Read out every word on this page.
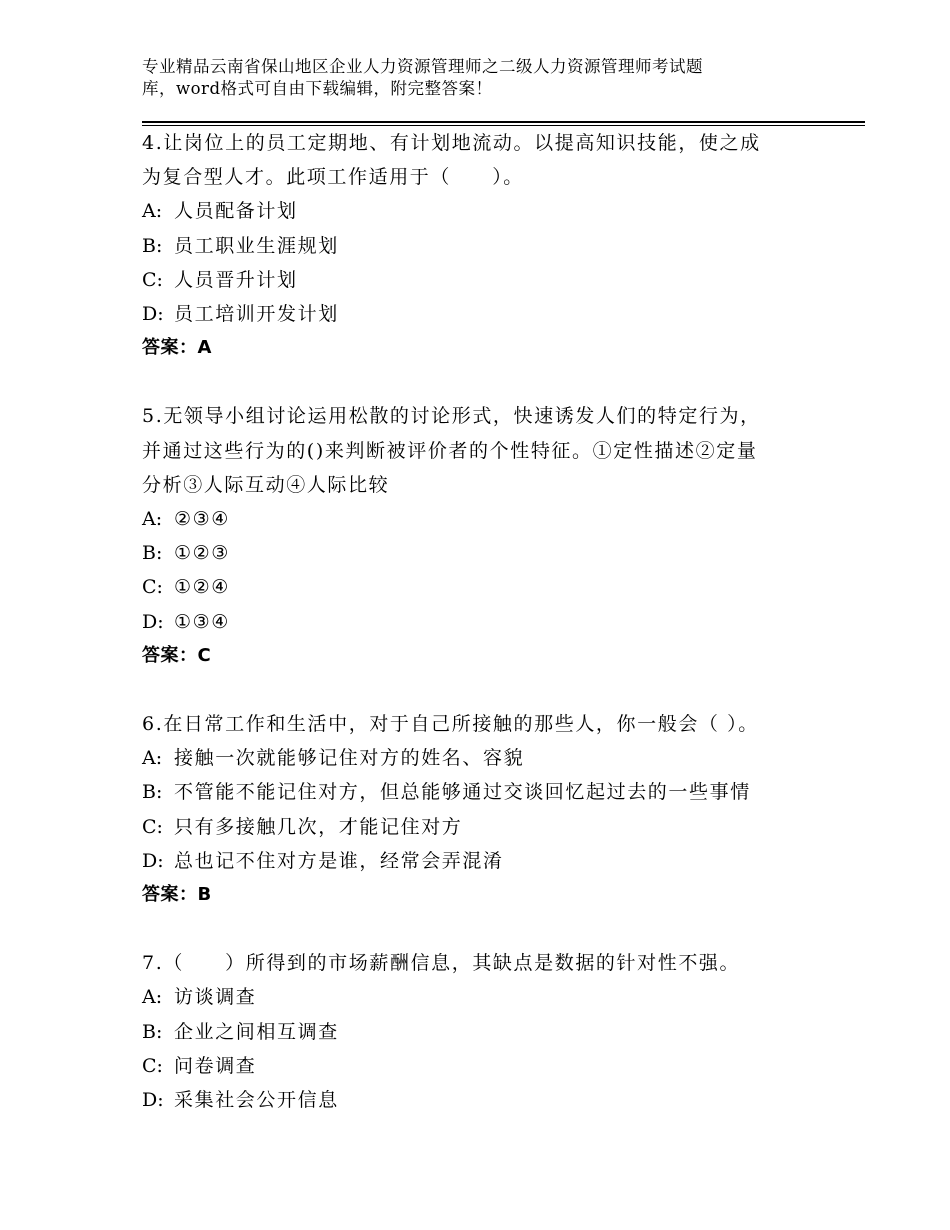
专业精品云南省保山地区企业人力资源管理师之二级人力资源管理师考试题
库，word格式可自由下载编辑，附完整答案！
4.让岗位上的员工定期地、有计划地流动。以提高知识技能，使之成
为复合型人才。此项工作适用于（　　）。
A: 人员配备计划
B: 员工职业生涯规划
C: 人员晋升计划
D: 员工培训开发计划
答案：A
5.无领导小组讨论运用松散的讨论形式，快速诱发人们的特定行为，
并通过这些行为的()来判断被评价者的个性特征。①定性描述②定量
分析③人际互动④人际比较
A: ②③④
B: ①②③
C: ①②④
D: ①③④
答案：C
6.在日常工作和生活中，对于自己所接触的那些人，你一般会（ ）。
A: 接触一次就能够记住对方的姓名、容貌
B: 不管能不能记住对方，但总能够通过交谈回忆起过去的一些事情
C: 只有多接触几次，才能记住对方
D: 总也记不住对方是谁，经常会弄混淆
答案：B
7.（　　）所得到的市场薪酬信息，其缺点是数据的针对性不强。
A: 访谈调查
B: 企业之间相互调查
C: 问卷调查
D: 采集社会公开信息
